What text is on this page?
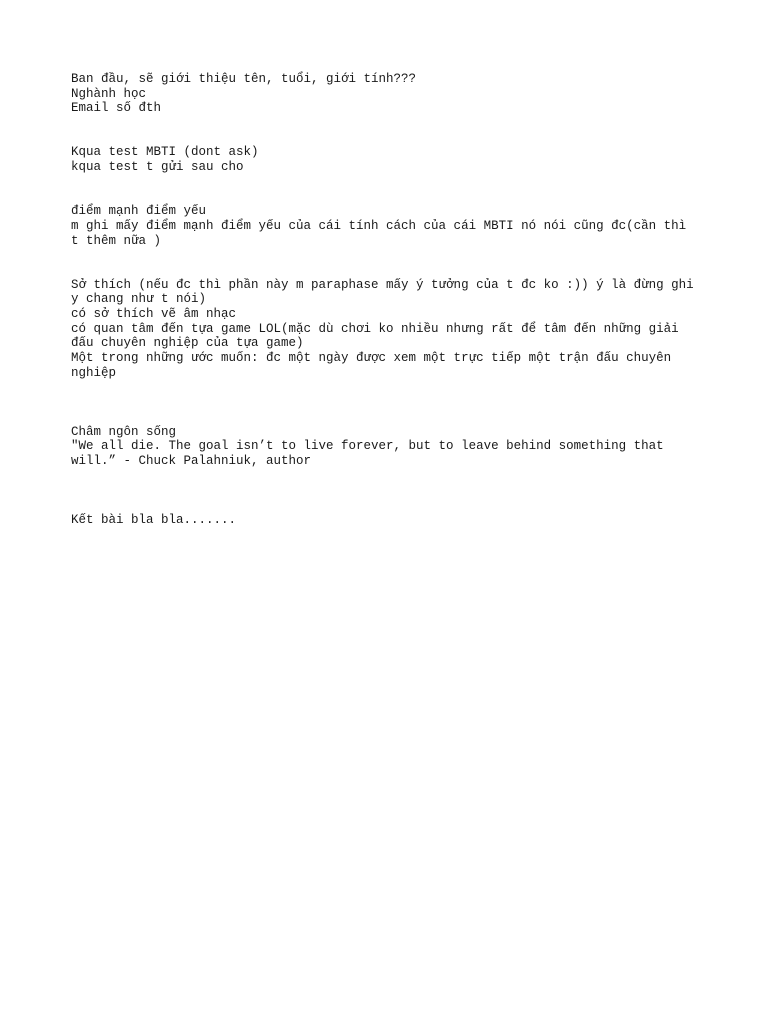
Ban đầu, sẽ giới thiệu tên, tuổi, giới tính???
Nghành học
Email số đth
Kqua test MBTI (dont ask)
kqua test t gửi sau cho
điểm mạnh điểm yếu
m ghi mấy điểm mạnh điểm yếu của cái tính cách của cái MBTI nó nói cũng đc(cần thì
t thêm nữa )
Sở thích (nếu đc thì phần này m paraphase mấy ý tưởng của t đc ko :)) ý là đừng ghi
y chang như t nói)
có sở thích vẽ âm nhạc
có quan tâm đến tựa game LOL(mặc dù chơi ko nhiều nhưng rất để tâm đến những giải
đấu chuyên nghiệp của tựa game)
Một trong những ước muốn: đc một ngày được xem một trực tiếp một trận đấu chuyên
nghiệp
Châm ngôn sống
"We all die. The goal isn’t to live forever, but to leave behind something that
will.” - Chuck Palahniuk, author
Kết bài bla bla.......
